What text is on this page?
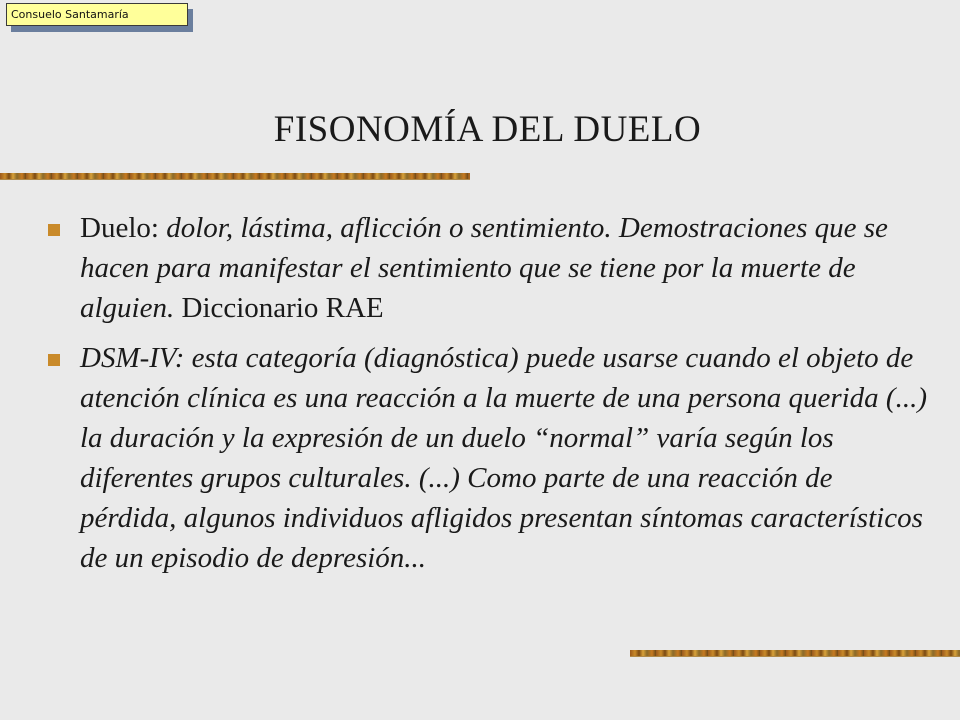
Consuelo Santamaría
FISONOMÍA DEL DUELO
Duelo: dolor, lástima, aflicción o sentimiento. Demostraciones que se hacen para manifestar el sentimiento que se tiene por la muerte de alguien. Diccionario RAE
DSM-IV: esta categoría (diagnóstica) puede usarse cuando el objeto de atención clínica es una reacción a la muerte de una persona querida (...) la duración y la expresión de un duelo “normal” varía según los diferentes grupos culturales. (...) Como parte de una reacción de pérdida, algunos individuos afligidos presentan síntomas característicos de un episodio de depresión...
